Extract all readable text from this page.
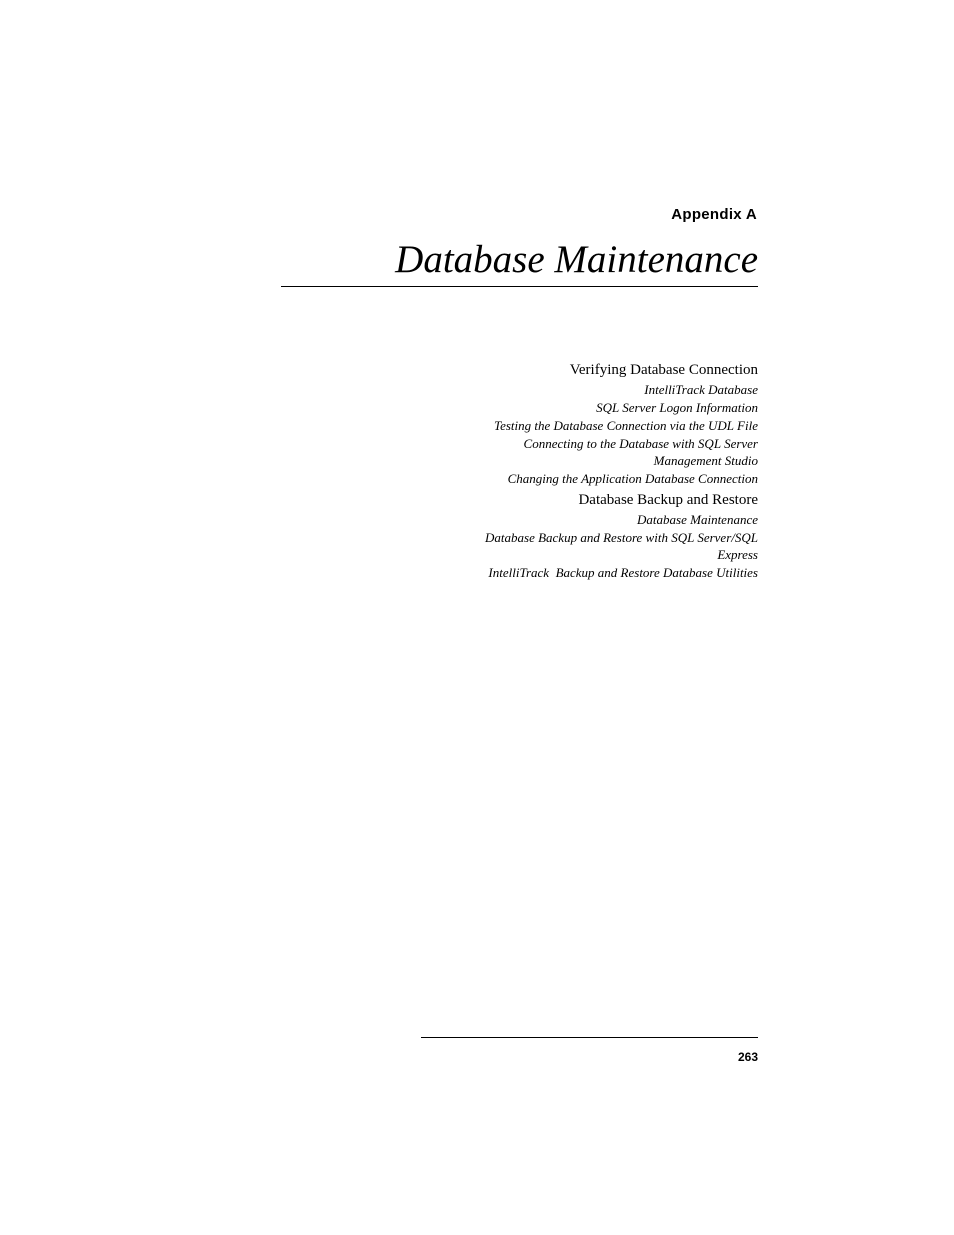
Appendix A
Database Maintenance
Verifying Database Connection
IntelliTrack Database
SQL Server Logon Information
Testing the Database Connection via the UDL File
Connecting to the Database with SQL Server Management Studio
Changing the Application Database Connection
Database Backup and Restore
Database Maintenance
Database Backup and Restore with SQL Server/SQL Express
IntelliTrack  Backup and Restore Database Utilities
263
